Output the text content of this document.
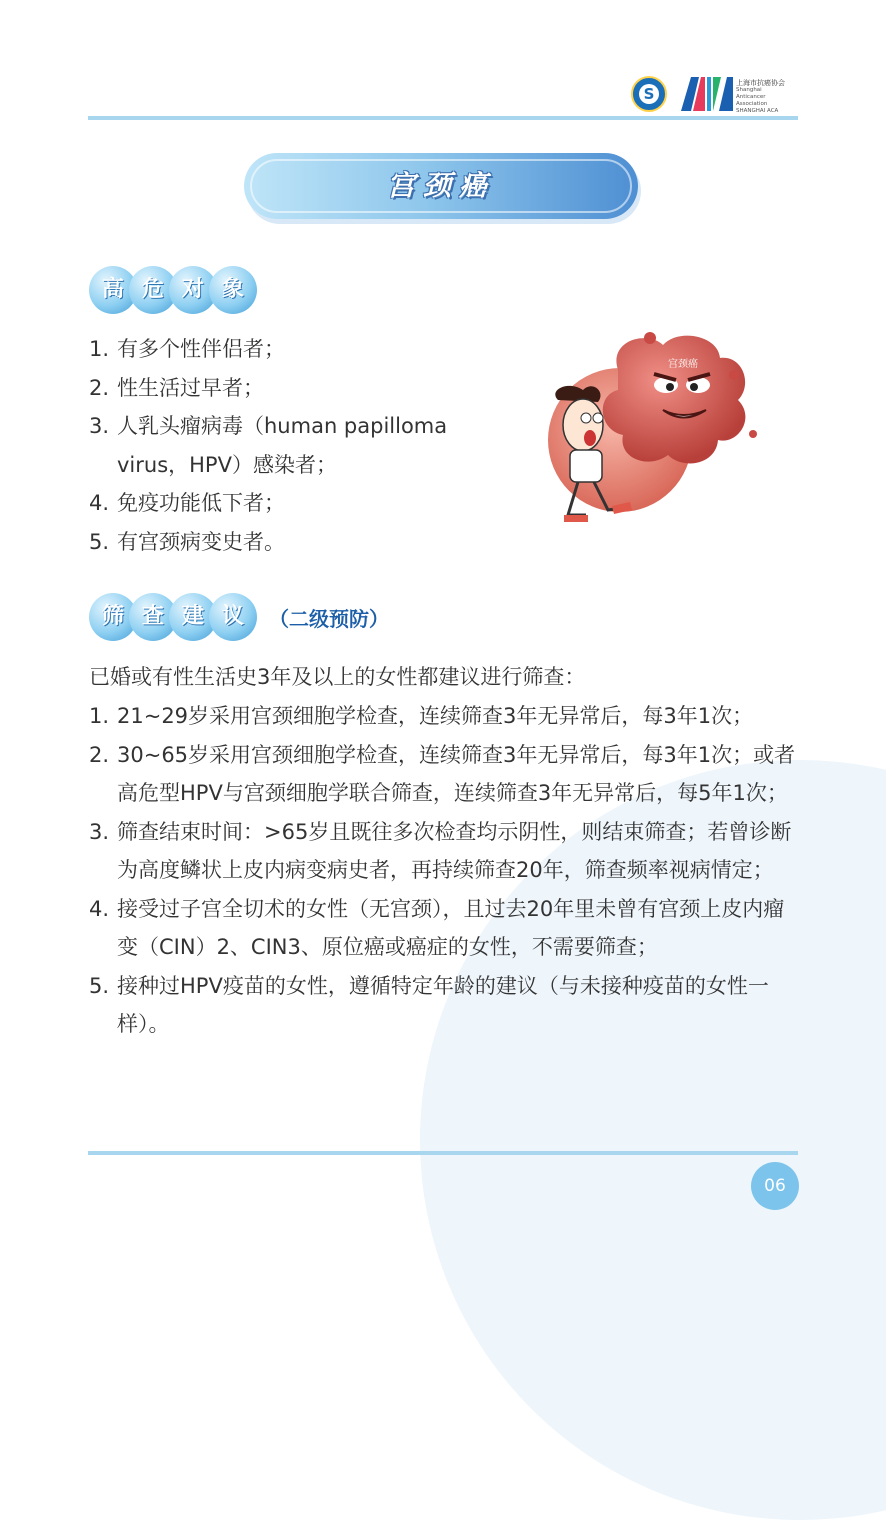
S
上海市抗癌协会
Shanghai
Anticancer Association
SHANGHAI ACA
宫颈癌
高 危 对 象
1. 有多个性伴侣者；
2. 性生活过早者；
3. 人乳头瘤病毒（human papilloma virus，HPV）感染者；
4. 免疫功能低下者；
5. 有宫颈病变史者。
宫颈癌
筛 查 建 议	（二级预防）
已婚或有性生活史3年及以上的女性都建议进行筛查：
1. 21~29岁采用宫颈细胞学检查，连续筛查3年无异常后，每3年1次；
2. 30~65岁采用宫颈细胞学检查，连续筛查3年无异常后，每3年1次；或者高危型HPV与宫颈细胞学联合筛查，连续筛查3年无异常后，每5年1次；
3. 筛查结束时间：>65岁且既往多次检查均示阴性，则结束筛查；若曾诊断为高度鳞状上皮内病变病史者，再持续筛查20年，筛查频率视病情定；
4. 接受过子宫全切术的女性（无宫颈），且过去20年里未曾有宫颈上皮内瘤变（CIN）2、CIN3、原位癌或癌症的女性，不需要筛查；
5. 接种过HPV疫苗的女性，遵循特定年龄的建议（与未接种疫苗的女性一样）。
06
